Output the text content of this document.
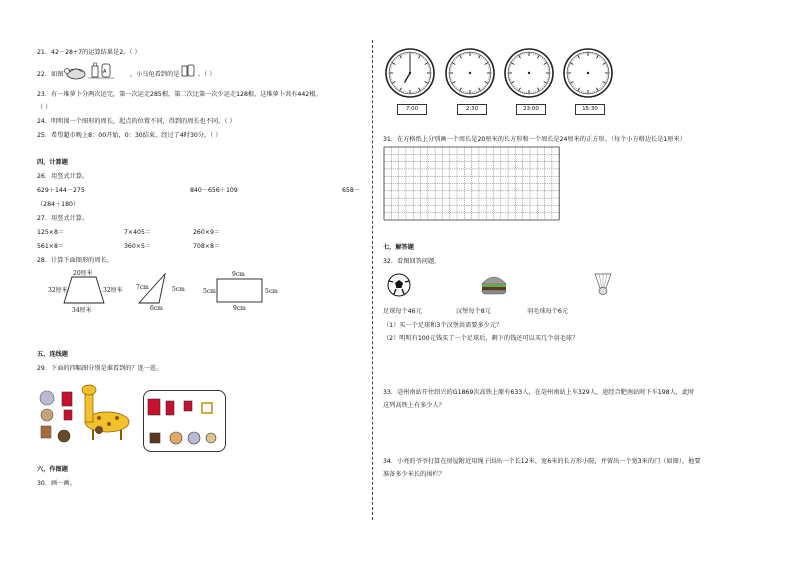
21．42－28÷7的运算结果是2。（ ）
22．如图	A	，小乌龟看到的是	。（ ）
23．有一堆萝卜分两次运完，第一次运走285根，第二次比第一次少运走128根，这堆萝卜共有442根。
（ ）
24．明明围一个图形的周长，起点的位置不同，得到的周长也不同。（ ）
25．希望超市晚上8：00开始，0：30结束，经过了4时30分。（ ）
四，计算题
26．用竖式计算。
629＋144－275	840－656＋109	658－
（284＋180）
27．用竖式计算。
125×8＝	7×405＝	260×9＝
561×8＝	360×5＝	708×8＝
28．计算下面图形的周长。
20厘米
32厘米	32厘米
34厘米
7cm	5cm
6cm
9cm
5cm	5cm
9cm
五，连线题
29．下面的四幅图分别是谁看到的？连一连。
六，作图题
30．画一画。
7:00	2:30	23:00	15:30
31．在方格纸上分别画一个周长是20厘米的长方形和一个周长是24厘米的正方形。（每个小方格边长是1厘米）
七，解答题
32．看图回答问题。
足球每个46元	汉堡每个8元	羽毛球每个6元
（1）买一个足球和3个汉堡共需要多少元？
（2）明明有100元钱买了一个足球后，剩下的钱还可以买几个羽毛球？
33．亳州南站开往绍兴的G1869次高铁上原有633人，在亳州南站上车329人，途经合肥南站时下车198人，此时
这列高铁上有多少人？
34．小亮的爷爷打算在房屋附近用绳子围出一个长12米，宽6米的长方形小院，并留出一个宽3米的门（如图），他要
准备多少米长的围栏？
